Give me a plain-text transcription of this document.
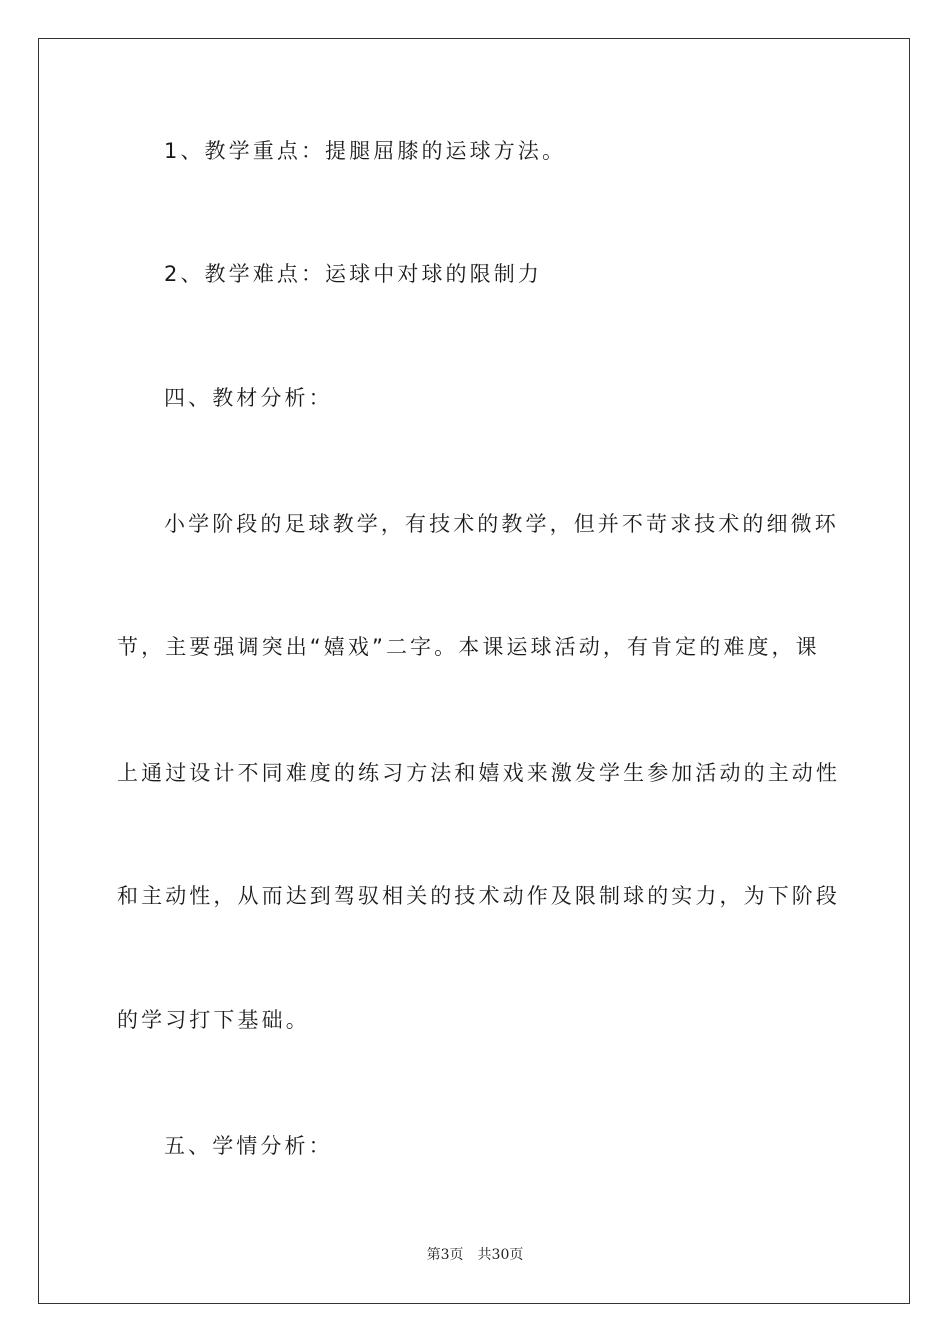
1、教学重点：提腿屈膝的运球方法。
2、教学难点：运球中对球的限制力
四、教材分析：
小学阶段的足球教学，有技术的教学，但并不苛求技术的细微环
节，主要强调突出“嬉戏”二字。本课运球活动，有肯定的难度，课
上通过设计不同难度的练习方法和嬉戏来激发学生参加活动的主动性
和主动性，从而达到驾驭相关的技术动作及限制球的实力，为下阶段
的学习打下基础。
五、学情分析：
第3页 共30页
